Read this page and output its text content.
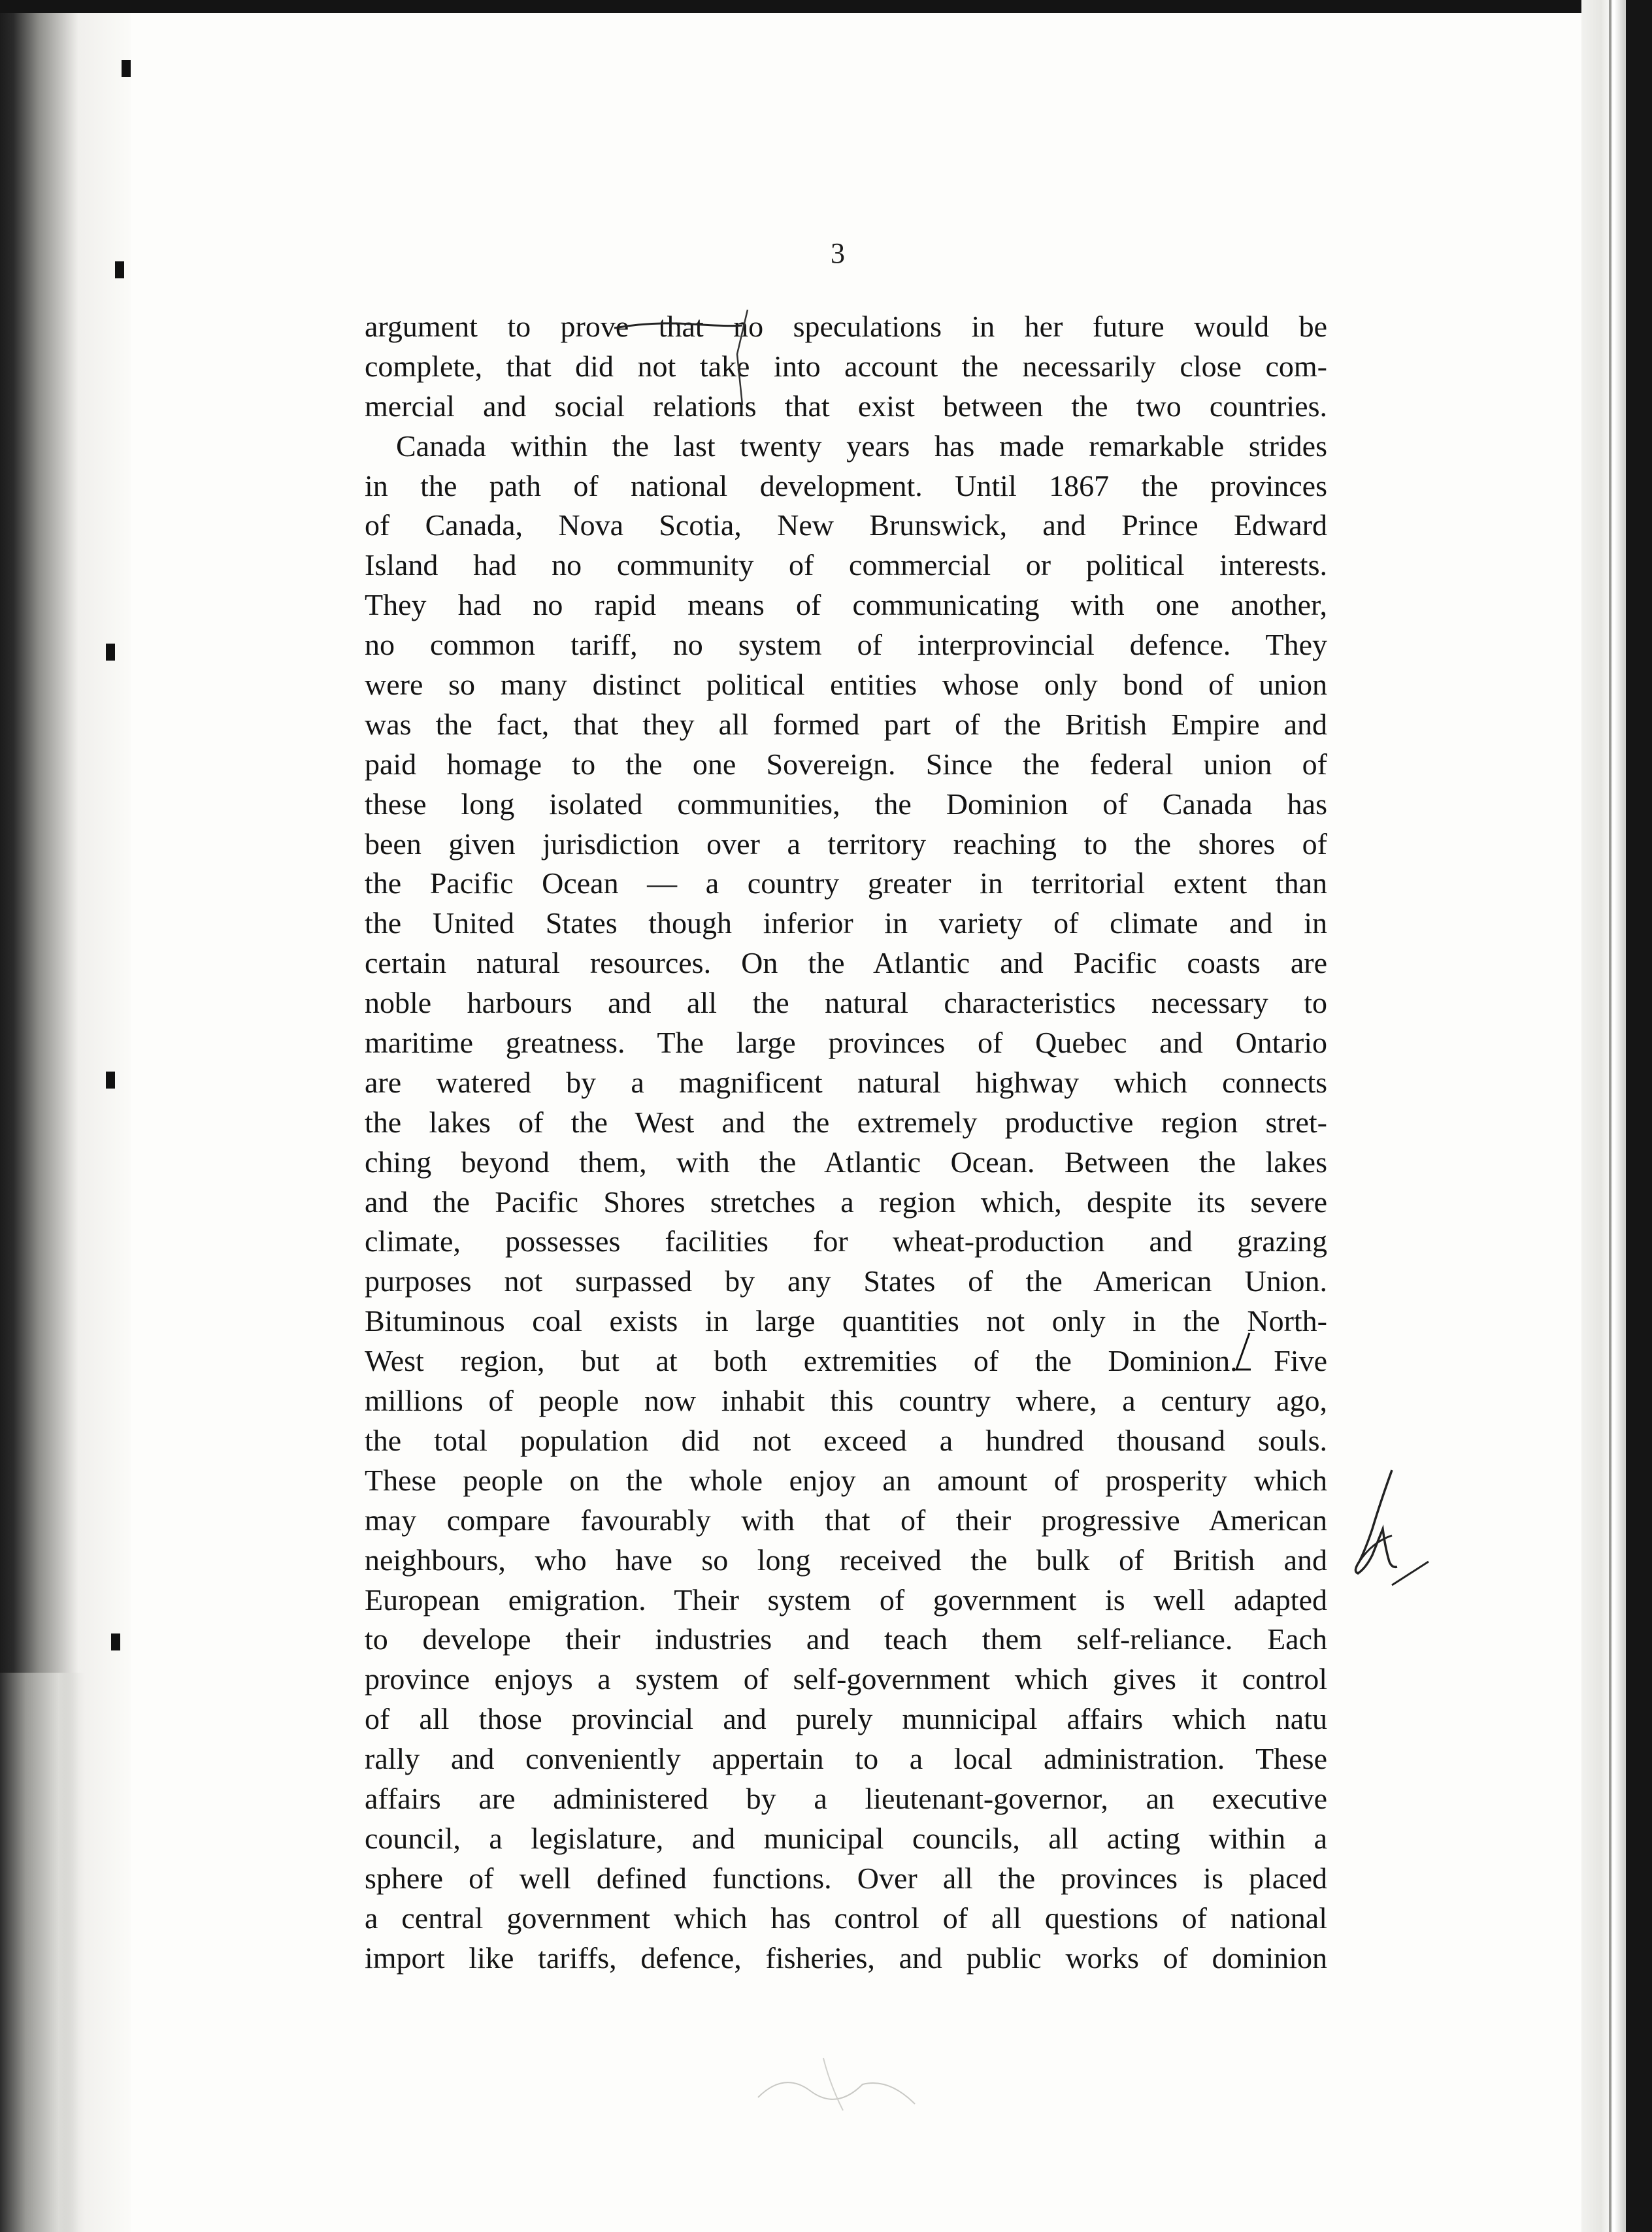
3
argument to prove that no speculations in her future would be
complete, that did not take into account the necessarily close com-
mercial and social relations that exist between the two countries.
Canada within the last twenty years has made remarkable strides
in the path of national development. Until 1867 the provinces
of Canada, Nova Scotia, New Brunswick, and Prince Edward
Island had no community of commercial or political interests.
They had no rapid means of communicating with one another,
no common tariff, no system of interprovincial defence. They
were so many distinct political entities whose only bond of union
was the fact, that they all formed part of the British Empire and
paid homage to the one Sovereign. Since the federal union of
these long isolated communities, the Dominion of Canada has
been given jurisdiction over a territory reaching to the shores of
the Pacific Ocean — a country greater in territorial extent than
the United States though inferior in variety of climate and in
certain natural resources. On the Atlantic and Pacific coasts are
noble harbours and all the natural characteristics necessary to
maritime greatness. The large provinces of Quebec and Ontario
are watered by a magnificent natural highway which connects
the lakes of the West and the extremely productive region stret-
ching beyond them, with the Atlantic Ocean. Between the lakes
and the Pacific Shores stretches a region which, despite its severe
climate, possesses facilities for wheat-production and grazing
purposes not surpassed by any States of the American Union.
Bituminous coal exists in large quantities not only in the North-
West region, but at both extremities of the Dominion. Five
millions of people now inhabit this country where, a century ago,
the total population did not exceed a hundred thousand souls.
These people on the whole enjoy an amount of prosperity which
may compare favourably with that of their progressive American
neighbours, who have so long received the bulk of British and
European emigration. Their system of government is well adapted
to develope their industries and teach them self-reliance. Each
province enjoys a system of self-government which gives it control
of all those provincial and purely munnicipal affairs which natu
rally and conveniently appertain to a local administration. These
affairs are administered by a lieutenant-governor, an executive
council, a legislature, and municipal councils, all acting within a
sphere of well defined functions. Over all the provinces is placed
a central government which has control of all questions of national
import like tariffs, defence, fisheries, and public works of dominion
